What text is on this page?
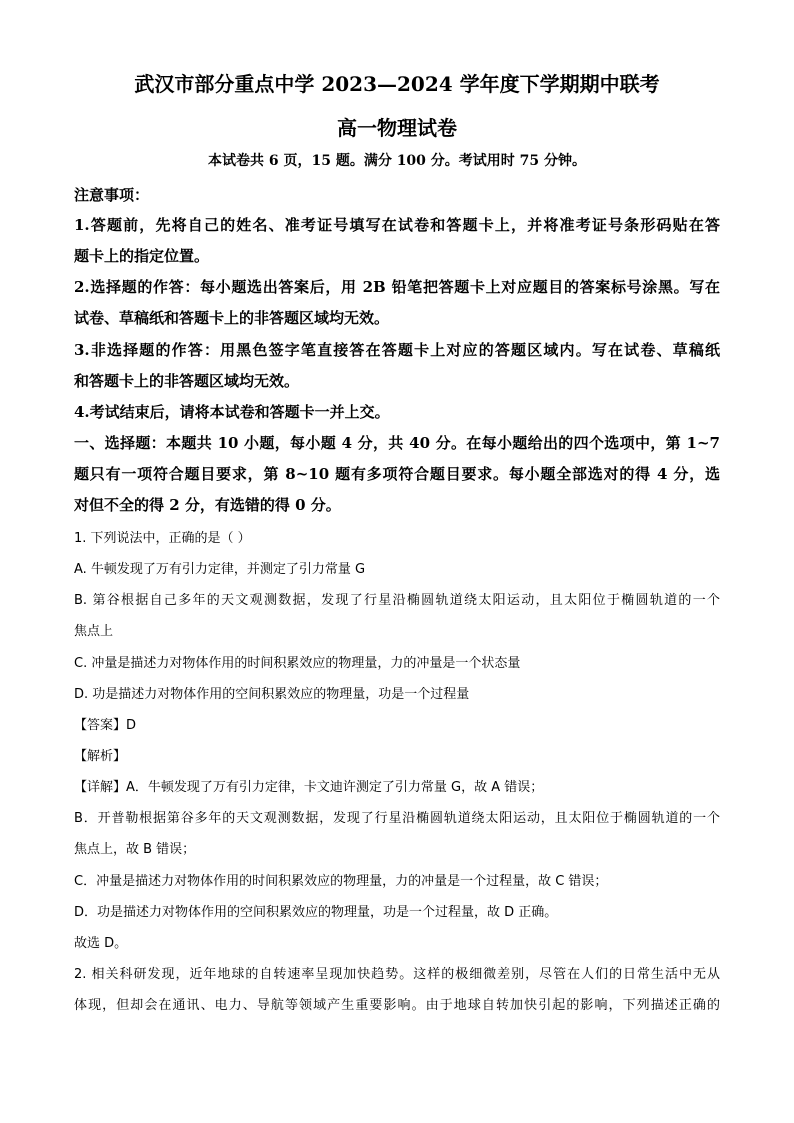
武汉市部分重点中学 2023—2024 学年度下学期期中联考
高一物理试卷
本试卷共 6 页，15 题。满分 100 分。考试用时 75 分钟。
注意事项：
1.答题前，先将自己的姓名、准考证号填写在试卷和答题卡上，并将准考证号条形码贴在答
题卡上的指定位置。
2.选择题的作答：每小题选出答案后，用 2B 铅笔把答题卡上对应题目的答案标号涂黑。写在
试卷、草稿纸和答题卡上的非答题区域均无效。
3.非选择题的作答：用黑色签字笔直接答在答题卡上对应的答题区域内。写在试卷、草稿纸
和答题卡上的非答题区域均无效。
4.考试结束后，请将本试卷和答题卡一并上交。
一、选择题：本题共 10 小题，每小题 4 分，共 40 分。在每小题给出的四个选项中，第 1~7
题只有一项符合题目要求，第 8~10 题有多项符合题目要求。每小题全部选对的得 4 分，选
对但不全的得 2 分，有选错的得 0 分。
1. 下列说法中，正确的是（ ）
A. 牛顿发现了万有引力定律，并测定了引力常量 G
B. 第谷根据自己多年的天文观测数据，发现了行星沿椭圆轨道绕太阳运动，且太阳位于椭圆轨道的一个
焦点上
C. 冲量是描述力对物体作用的时间积累效应的物理量，力的冲量是一个状态量
D. 功是描述力对物体作用的空间积累效应的物理量，功是一个过程量
【答案】D
【解析】
【详解】A．牛顿发现了万有引力定律，卡文迪许测定了引力常量 G，故 A 错误；
B．开普勒根据第谷多年的天文观测数据，发现了行星沿椭圆轨道绕太阳运动，且太阳位于椭圆轨道的一个
焦点上，故 B 错误；
C．冲量是描述力对物体作用的时间积累效应的物理量，力的冲量是一个过程量，故 C 错误；
D．功是描述力对物体作用的空间积累效应的物理量，功是一个过程量，故 D 正确。
故选 D。
2. 相关科研发现，近年地球的自转速率呈现加快趋势。这样的极细微差别，尽管在人们的日常生活中无从
体现，但却会在通讯、电力、导航等领域产生重要影响。由于地球自转加快引起的影响，下列描述正确的
